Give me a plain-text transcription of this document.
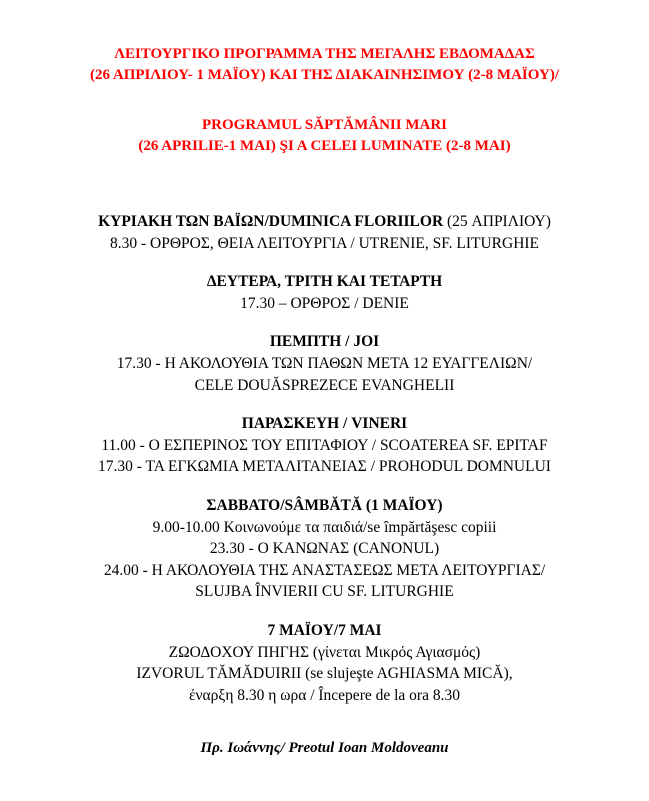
ΛΕΙΤΟΥΡΓΙΚΟ ΠΡΟΓΡΑΜΜΑ ΤΗΣ ΜΕΓΑΛΗΣ ΕΒΔΟΜΑΔΑΣ
(26 ΑΠΡΙΛΙΟΥ- 1 ΜΑΪΟΥ) ΚΑΙ ΤΗΣ ΔΙΑΚΑΙΝΗΣΙΜΟΥ (2-8 ΜΑΪΟΥ)/
PROGRAMUL SĂPTĂMÂNII MARI
(26 APRILIE-1 MAI) ŞI A CELEI LUMINATE (2-8 MAI)
ΚΥΡΙΑΚΗ ΤΩΝ ΒΑΪΩΝ/DUMINICA FLORIILOR (25 ΑΠΡΙΛΙΟΥ)
8.30 - ΟΡΘΡΟΣ, ΘΕΙΑ ΛΕΙΤΟΥΡΓΙΑ / UTRENIE, SF. LITURGHIE
ΔΕΥΤΕΡΑ, ΤΡΙΤΗ ΚΑΙ ΤΕΤΑΡΤΗ
17.30 – ΟΡΘΡΟΣ / DENIE
ΠΕΜΠΤΗ / JOI
17.30 - Η ΑΚΟΛΟΥΘΙΑ ΤΩΝ ΠΑΘΩΝ ΜΕΤΑ 12 ΕΥΑΓΓΕΛΙΩΝ/
CELE DOUĂSPREZECE EVANGHELII
ΠΑΡΑΣΚΕΥΗ / VINERI
11.00 - Ο ΕΣΠΕΡΙΝΟΣ ΤΟΥ ΕΠΙΤΑΦΙΟΥ / SCOATEREA SF. EPITAF
17.30 - ΤΑ ΕΓΚΩΜΙΑ ΜΕΤΑΛΙΤΑΝΕΙΑΣ / PROHODUL DOMNULUI
ΣΑΒΒΑΤΟ/SÂMBĂTĂ (1 ΜΑΪΟΥ)
9.00-10.00 Κοινωνούμε τα παιδιά/se împărtăşesc copiii
23.30 - Ο ΚΑΝΩΝΑΣ (CANONUL)
24.00 - Η ΑΚΟΛΟΥΘΙΑ ΤΗΣ ΑΝΑΣΤΑΣΕΩΣ ΜΕΤΑ ΛΕΙΤΟΥΡΓΙΑΣ/
SLUJBA ÎNVIERII CU SF. LITURGHIE
7 ΜΑΪΟΥ/7 MAI
ΖΩΟΔΟΧΟΥ ΠΗΓΗΣ (γίνεται Μικρός Αγιασμός)
IZVORUL TĂMĂDUIRII (se slujeşte AGHIASMA MICĂ),
έναρξη 8.30 η ωρα / Începere de la ora 8.30
Πρ. Ιωάννης/ Preotul Ioan Moldoveanu
